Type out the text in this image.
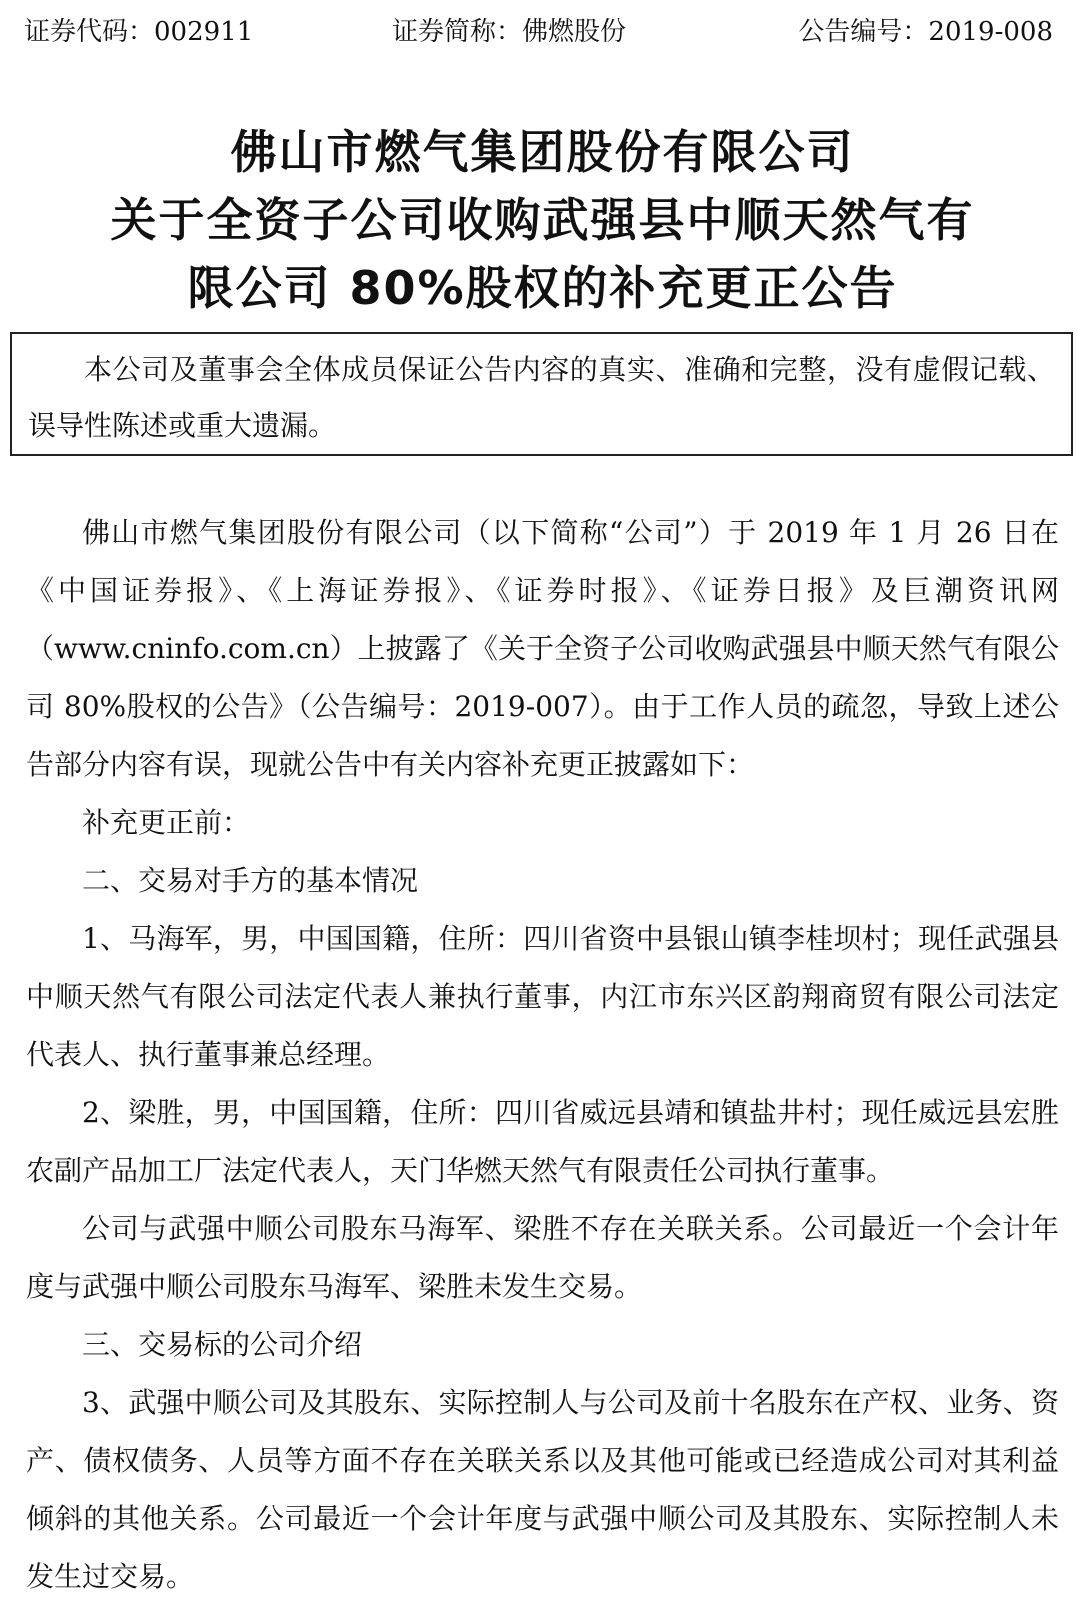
证券代码：002911	证券简称：佛燃股份	公告编号：2019-008
佛山市燃气集团股份有限公司
关于全资子公司收购武强县中顺天然气有
限公司 80%股权的补充更正公告

本公司及董事会全体成员保证公告内容的真实、准确和完整，没有虚假记载、误导性陈述或重大遗漏。

佛山市燃气集团股份有限公司（以下简称“公司”）于 2019 年 1 月 26 日在《中国证券报》、《上海证券报》、《证券时报》、《证券日报》及巨潮资讯网（www.cninfo.com.cn）上披露了《关于全资子公司收购武强县中顺天然气有限公司 80%股权的公告》（公告编号：2019-007）。由于工作人员的疏忽，导致上述公告部分内容有误，现就公告中有关内容补充更正披露如下：

补充更正前：

二、交易对手方的基本情况

1、马海军，男，中国国籍，住所：四川省资中县银山镇李桂坝村；现任武强县中顺天然气有限公司法定代表人兼执行董事，内江市东兴区韵翔商贸有限公司法定代表人、执行董事兼总经理。

2、梁胜，男，中国国籍，住所：四川省威远县靖和镇盐井村；现任威远县宏胜农副产品加工厂法定代表人，天门华燃天然气有限责任公司执行董事。

公司与武强中顺公司股东马海军、梁胜不存在关联关系。公司最近一个会计年度与武强中顺公司股东马海军、梁胜未发生交易。

三、交易标的公司介绍

3、武强中顺公司及其股东、实际控制人与公司及前十名股东在产权、业务、资产、债权债务、人员等方面不存在关联关系以及其他可能或已经造成公司对其利益倾斜的其他关系。公司最近一个会计年度与武强中顺公司及其股东、实际控制人未发生过交易。
